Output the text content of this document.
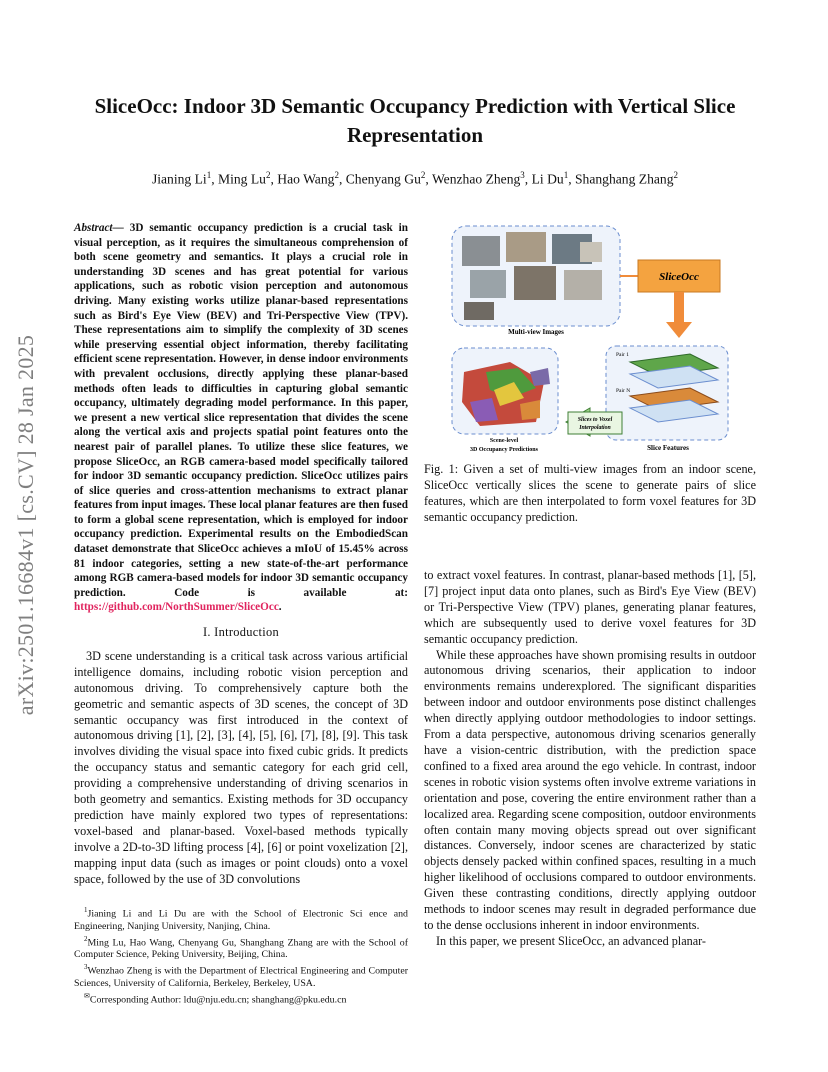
arXiv:2501.16684v1 [cs.CV] 28 Jan 2025
SliceOcc: Indoor 3D Semantic Occupancy Prediction with Vertical Slice Representation
Jianing Li$^1$, Ming Lu$^2$, Hao Wang$^2$, Chenyang Gu$^2$, Wenzhao Zheng$^3$, Li Du$^1$, Shanghang Zhang$^2$
Abstract— 3D semantic occupancy prediction is a crucial task in visual perception, as it requires the simultaneous comprehension of both scene geometry and semantics. It plays a crucial role in understanding 3D scenes and has great potential for various applications, such as robotic vision perception and autonomous driving. Many existing works utilize planar-based representations such as Bird's Eye View (BEV) and Tri-Perspective View (TPV). These representations aim to simplify the complexity of 3D scenes while preserving essential object information, thereby facilitating efficient scene representation. However, in dense indoor environments with prevalent occlusions, directly applying these planar-based methods often leads to difficulties in capturing global semantic occupancy, ultimately degrading model performance. In this paper, we present a new vertical slice representation that divides the scene along the vertical axis and projects spatial point features onto the nearest pair of parallel planes. To utilize these slice features, we propose SliceOcc, an RGB camera-based model specifically tailored for indoor 3D semantic occupancy prediction. SliceOcc utilizes pairs of slice queries and cross-attention mechanisms to extract planar features from input images. These local planar features are then fused to form a global scene representation, which is employed for indoor occupancy prediction. Experimental results on the EmbodiedScan dataset demonstrate that SliceOcc achieves a mIoU of 15.45% across 81 indoor categories, setting a new state-of-the-art performance among RGB camera-based models for indoor 3D semantic occupancy prediction. Code is available at: https://github.com/NorthSummer/SliceOcc.
I. Introduction

3D scene understanding is a critical task across various artificial intelligence domains, including robotic vision perception and autonomous driving. To comprehensively capture both the geometric and semantic aspects of 3D scenes, the concept of 3D semantic occupancy was first introduced in the context of autonomous driving [1], [2], [3], [4], [5], [6], [7], [8], [9]. This task involves dividing the visual space into fixed cubic grids. It predicts the occupancy status and semantic category for each grid cell, providing a comprehensive understanding of driving scenarios in both geometry and semantics. Existing methods for 3D occupancy prediction have mainly explored two types of representations: voxel-based and planar-based. Voxel-based methods typically involve a 2D-to-3D lifting process [4], [6] or point voxelization [2], mapping input data (such as images or point clouds) onto a voxel space, followed by the use of 3D convolutions

$^1$Jianing Li and Li Du are with the School of Electronic Sci ence and Engineering, Nanjing University, Nanjing, China.
$^2$Ming Lu, Hao Wang, Chenyang Gu, Shanghang Zhang are with the School of Computer Science, Peking University, Beijing, China.
$^3$Wenzhao Zheng is with the Department of Electrical Engineering and Computer Sciences, University of California, Berkeley, Berkeley, USA.
✉Corresponding Author: ldu@nju.edu.cn; shanghang@pku.edu.cn
Multi-view Images
SliceOcc
Pair 1
Pair N
Slice Features
Slices to Voxel
Interpolation
Scene-level
3D Occupancy Predictions
Fig. 1: Given a set of multi-view images from an indoor scene, SliceOcc vertically slices the scene to generate pairs of slice features, which are then interpolated to form voxel features for 3D semantic occupancy prediction.

to extract voxel features. In contrast, planar-based methods [1], [5], [7] project input data onto planes, such as Bird's Eye View (BEV) or Tri-Perspective View (TPV) planes, generating planar features, which are subsequently used to derive voxel features for 3D semantic occupancy prediction.

While these approaches have shown promising results in outdoor autonomous driving scenarios, their application to indoor environments remains underexplored. The significant disparities between indoor and outdoor environments pose distinct challenges when directly applying outdoor methodologies to indoor settings. From a data perspective, autonomous driving scenarios generally have a vision-centric distribution, with the prediction space confined to a fixed area around the ego vehicle. In contrast, indoor scenes in robotic vision systems often involve extreme variations in orientation and pose, covering the entire environment rather than a localized area. Regarding scene composition, outdoor environments often contain many moving objects spread out over significant distances. Conversely, indoor scenes are characterized by static objects densely packed within confined spaces, resulting in a much higher likelihood of occlusions compared to outdoor environments. Given these contrasting conditions, directly applying outdoor methods to indoor scenes may result in degraded performance due to the dense occlusions inherent in indoor environments.

In this paper, we present SliceOcc, an advanced planar-
